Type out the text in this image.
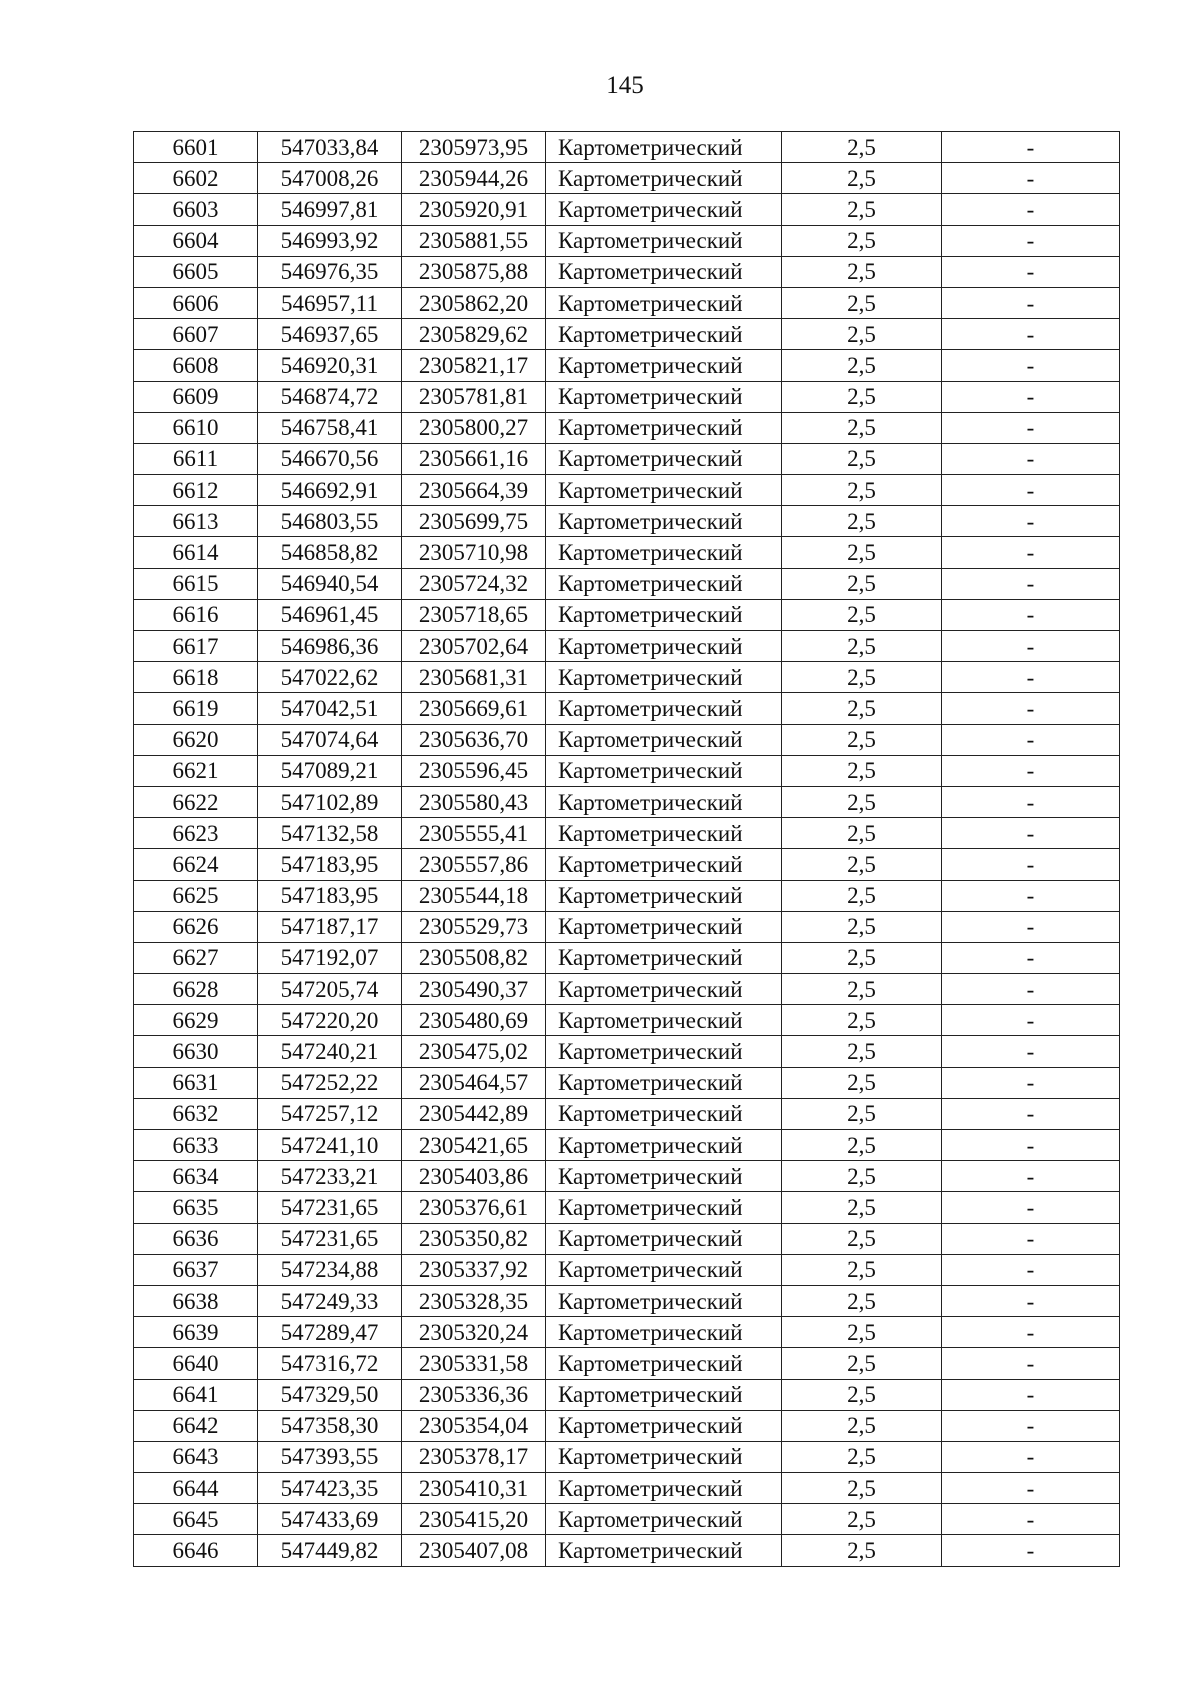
145
6601	547033,84	2305973,95	Картометрический	2,5	-
6602	547008,26	2305944,26	Картометрический	2,5	-
6603	546997,81	2305920,91	Картометрический	2,5	-
6604	546993,92	2305881,55	Картометрический	2,5	-
6605	546976,35	2305875,88	Картометрический	2,5	-
6606	546957,11	2305862,20	Картометрический	2,5	-
6607	546937,65	2305829,62	Картометрический	2,5	-
6608	546920,31	2305821,17	Картометрический	2,5	-
6609	546874,72	2305781,81	Картометрический	2,5	-
6610	546758,41	2305800,27	Картометрический	2,5	-
6611	546670,56	2305661,16	Картометрический	2,5	-
6612	546692,91	2305664,39	Картометрический	2,5	-
6613	546803,55	2305699,75	Картометрический	2,5	-
6614	546858,82	2305710,98	Картометрический	2,5	-
6615	546940,54	2305724,32	Картометрический	2,5	-
6616	546961,45	2305718,65	Картометрический	2,5	-
6617	546986,36	2305702,64	Картометрический	2,5	-
6618	547022,62	2305681,31	Картометрический	2,5	-
6619	547042,51	2305669,61	Картометрический	2,5	-
6620	547074,64	2305636,70	Картометрический	2,5	-
6621	547089,21	2305596,45	Картометрический	2,5	-
6622	547102,89	2305580,43	Картометрический	2,5	-
6623	547132,58	2305555,41	Картометрический	2,5	-
6624	547183,95	2305557,86	Картометрический	2,5	-
6625	547183,95	2305544,18	Картометрический	2,5	-
6626	547187,17	2305529,73	Картометрический	2,5	-
6627	547192,07	2305508,82	Картометрический	2,5	-
6628	547205,74	2305490,37	Картометрический	2,5	-
6629	547220,20	2305480,69	Картометрический	2,5	-
6630	547240,21	2305475,02	Картометрический	2,5	-
6631	547252,22	2305464,57	Картометрический	2,5	-
6632	547257,12	2305442,89	Картометрический	2,5	-
6633	547241,10	2305421,65	Картометрический	2,5	-
6634	547233,21	2305403,86	Картометрический	2,5	-
6635	547231,65	2305376,61	Картометрический	2,5	-
6636	547231,65	2305350,82	Картометрический	2,5	-
6637	547234,88	2305337,92	Картометрический	2,5	-
6638	547249,33	2305328,35	Картометрический	2,5	-
6639	547289,47	2305320,24	Картометрический	2,5	-
6640	547316,72	2305331,58	Картометрический	2,5	-
6641	547329,50	2305336,36	Картометрический	2,5	-
6642	547358,30	2305354,04	Картометрический	2,5	-
6643	547393,55	2305378,17	Картометрический	2,5	-
6644	547423,35	2305410,31	Картометрический	2,5	-
6645	547433,69	2305415,20	Картометрический	2,5	-
6646	547449,82	2305407,08	Картометрический	2,5	-
